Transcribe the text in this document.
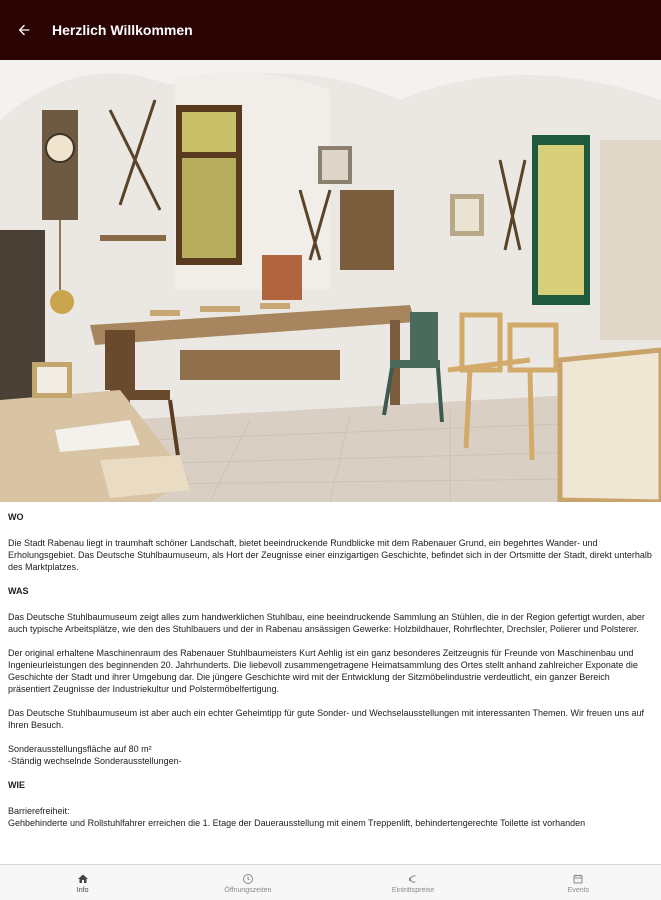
Herzlich Willkommen
WO

Die Stadt Rabenau liegt in traumhaft schöner Landschaft, bietet beeindruckende Rundblicke mit dem Rabenauer Grund, ein begehrtes Wander- und Erholungsgebiet. Das Deutsche Stuhlbaumuseum, als Hort der Zeugnisse einer einzigartigen Geschichte, befindet sich in der Ortsmitte der Stadt, direkt unterhalb des Marktplatzes.

WAS

Das Deutsche Stuhlbaumuseum zeigt alles zum handwerklichen Stuhlbau, eine beeindruckende Sammlung an Stühlen, die in der Region gefertigt wurden, aber auch typische Arbeitsplätze, wie den des Stuhlbauers und der in Rabenau ansässigen Gewerke: Holzbildhauer, Rohrflechter, Drechsler, Polierer und Polsterer.

Der original erhaltene Maschinenraum des Rabenauer Stuhlbaumeisters Kurt Aehlig ist ein ganz besonderes Zeitzeugnis für Freunde von Maschinenbau und Ingenieurleistungen des beginnenden 20. Jahrhunderts. Die liebevoll zusammengetragene Heimatsammlung des Ortes stellt anhand zahlreicher Exponate die Geschichte der Stadt und ihrer Umgebung dar. Die jüngere Geschichte wird mit der Entwicklung der Sitzmöbelindustrie verdeutlicht, ein ganzer Bereich präsentiert Zeugnisse der Industriekultur und Polstermöbelfertigung.

Das Deutsche Stuhlbaumuseum ist aber auch ein echter Geheimtipp für gute Sonder- und Wechselausstellungen mit interessanten Themen. Wir freuen uns auf Ihren Besuch.

Sonderausstellungsfläche auf 80 m²
-Ständig wechselnde Sonderausstellungen-

WIE

Barrierefreiheit:
Gehbehinderte und Rollstuhlfahrer erreichen die 1. Etage der Dauerausstellung mit einem Treppenlift, behindertengerechte Toilette ist vorhanden

Info	Öffnungszeiten	Eintrittspreise	Events
